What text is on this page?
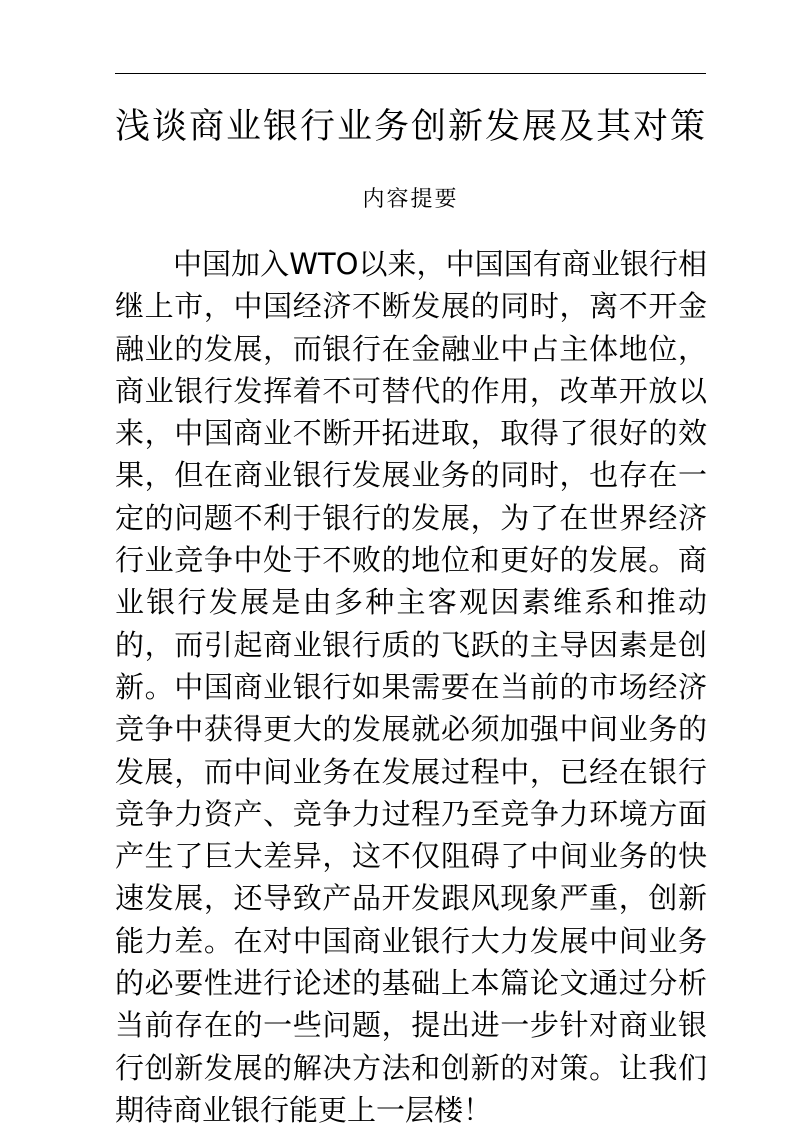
浅谈商业银行业务创新发展及其对策
内容提要

中国加入WTO以来，中国国有商业银行相继上市，中国经济不断发展的同时，离不开金融业的发展，而银行在金融业中占主体地位，商业银行发挥着不可替代的作用，改革开放以来，中国商业不断开拓进取，取得了很好的效果，但在商业银行发展业务的同时，也存在一定的问题不利于银行的发展，为了在世界经济行业竞争中处于不败的地位和更好的发展。商业银行发展是由多种主客观因素维系和推动的，而引起商业银行质的飞跃的主导因素是创新。中国商业银行如果需要在当前的市场经济竞争中获得更大的发展就必须加强中间业务的发展，而中间业务在发展过程中，已经在银行竞争力资产、竞争力过程乃至竞争力环境方面产生了巨大差异，这不仅阻碍了中间业务的快速发展，还导致产品开发跟风现象严重，创新能力差。在对中国商业银行大力发展中间业务的必要性进行论述的基础上本篇论文通过分析当前存在的一些问题，提出进一步针对商业银行创新发展的解决方法和创新的对策。让我们期待商业银行能更上一层楼！
